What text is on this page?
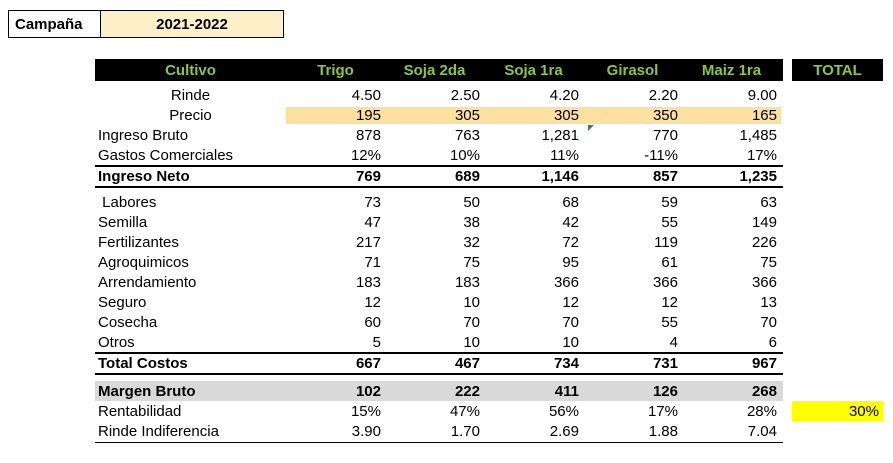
Campaña	2021-2022
Cultivo	Trigo	Soja 2da	Soja 1ra	Girasol	Maiz 1ra	TOTAL
Rinde	4.50	2.50	4.20	2.20	9.00
Precio	195	305	305	350	165
Ingreso Bruto	878	763	1,281	770	1,485
Gastos Comerciales	12%	10%	11%	-11%	17%
Ingreso Neto	769	689	1,146	857	1,235
Labores	73	50	68	59	63
Semilla	47	38	42	55	149
Fertilizantes	217	32	72	119	226
Agroquimicos	71	75	95	61	75
Arrendamiento	183	183	366	366	366
Seguro	12	10	12	12	13
Cosecha	60	70	70	55	70
Otros	5	10	10	4	6
Total Costos	667	467	734	731	967
Margen Bruto	102	222	411	126	268
Rentabilidad	15%	47%	56%	17%	28%	30%
Rinde Indiferencia	3.90	1.70	2.69	1.88	7.04
